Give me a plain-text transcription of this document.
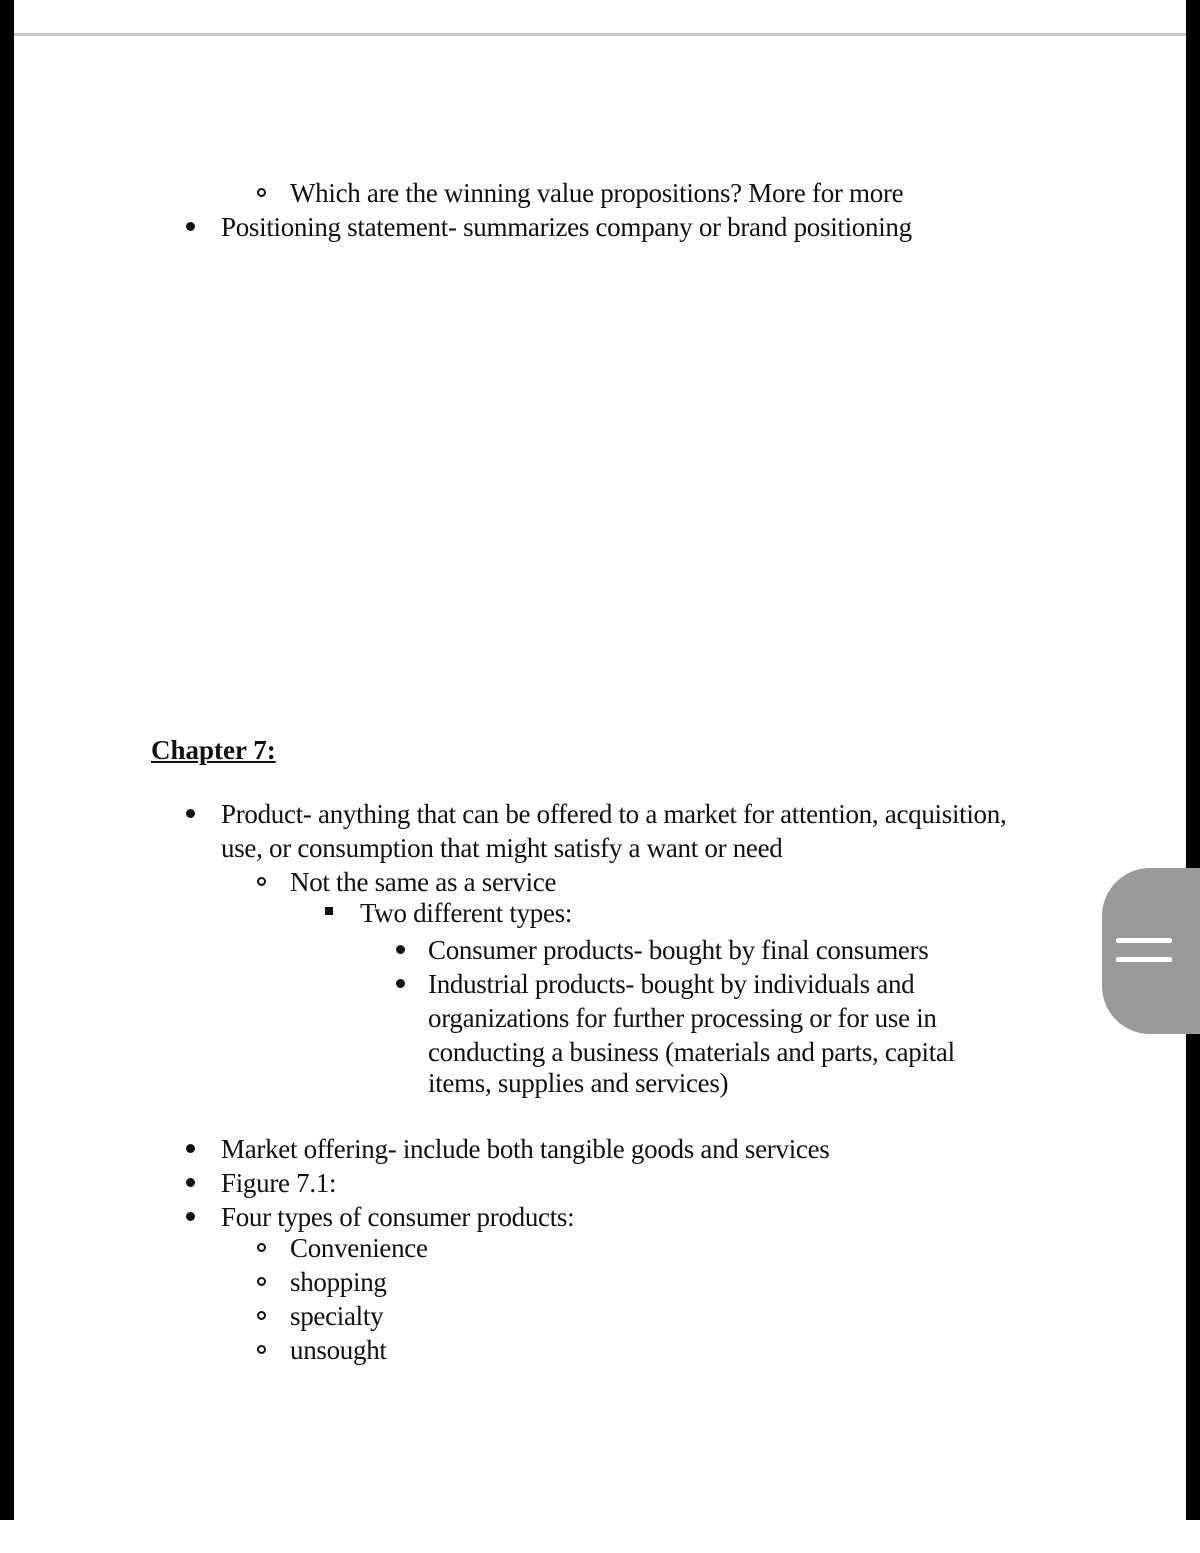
Which are the winning value propositions? More for more
Positioning statement- summarizes company or brand positioning
Chapter 7:
Product- anything that can be offered to a market for attention, acquisition,
use, or consumption that might satisfy a want or need
Not the same as a service
Two different types:
Consumer products- bought by final consumers
Industrial products- bought by individuals and
organizations for further processing or for use in
conducting a business (materials and parts, capital
items, supplies and services)
Market offering- include both tangible goods and services
Figure 7.1:
Four types of consumer products:
Convenience
shopping
specialty
unsought
